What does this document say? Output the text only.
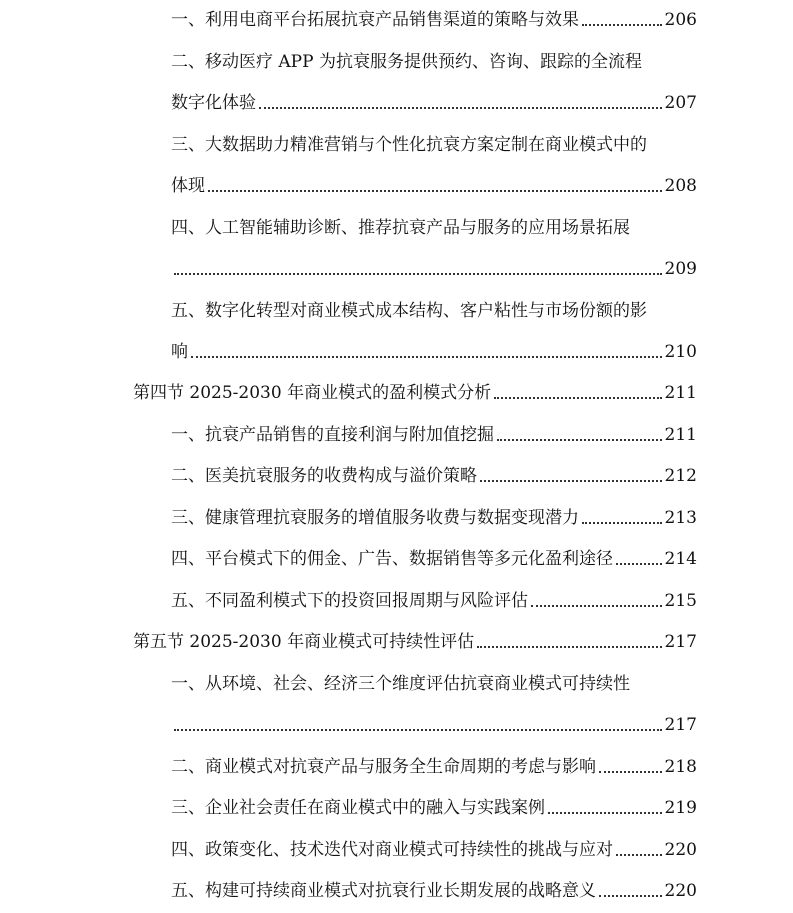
一、利用电商平台拓展抗衰产品销售渠道的策略与效果	206
二、移动医疗 APP 为抗衰服务提供预约、咨询、跟踪的全流程
数字化体验	207
三、大数据助力精准营销与个性化抗衰方案定制在商业模式中的
体现	208
四、人工智能辅助诊断、推荐抗衰产品与服务的应用场景拓展
209
五、数字化转型对商业模式成本结构、客户粘性与市场份额的影
响	210
第四节 2025-2030 年商业模式的盈利模式分析	211
一、抗衰产品销售的直接利润与附加值挖掘	211
二、医美抗衰服务的收费构成与溢价策略	212
三、健康管理抗衰服务的增值服务收费与数据变现潜力	213
四、平台模式下的佣金、广告、数据销售等多元化盈利途径	214
五、不同盈利模式下的投资回报周期与风险评估	215
第五节 2025-2030 年商业模式可持续性评估	217
一、从环境、社会、经济三个维度评估抗衰商业模式可持续性
217
二、商业模式对抗衰产品与服务全生命周期的考虑与影响	218
三、企业社会责任在商业模式中的融入与实践案例	219
四、政策变化、技术迭代对商业模式可持续性的挑战与应对	220
五、构建可持续商业模式对抗衰行业长期发展的战略意义	220
